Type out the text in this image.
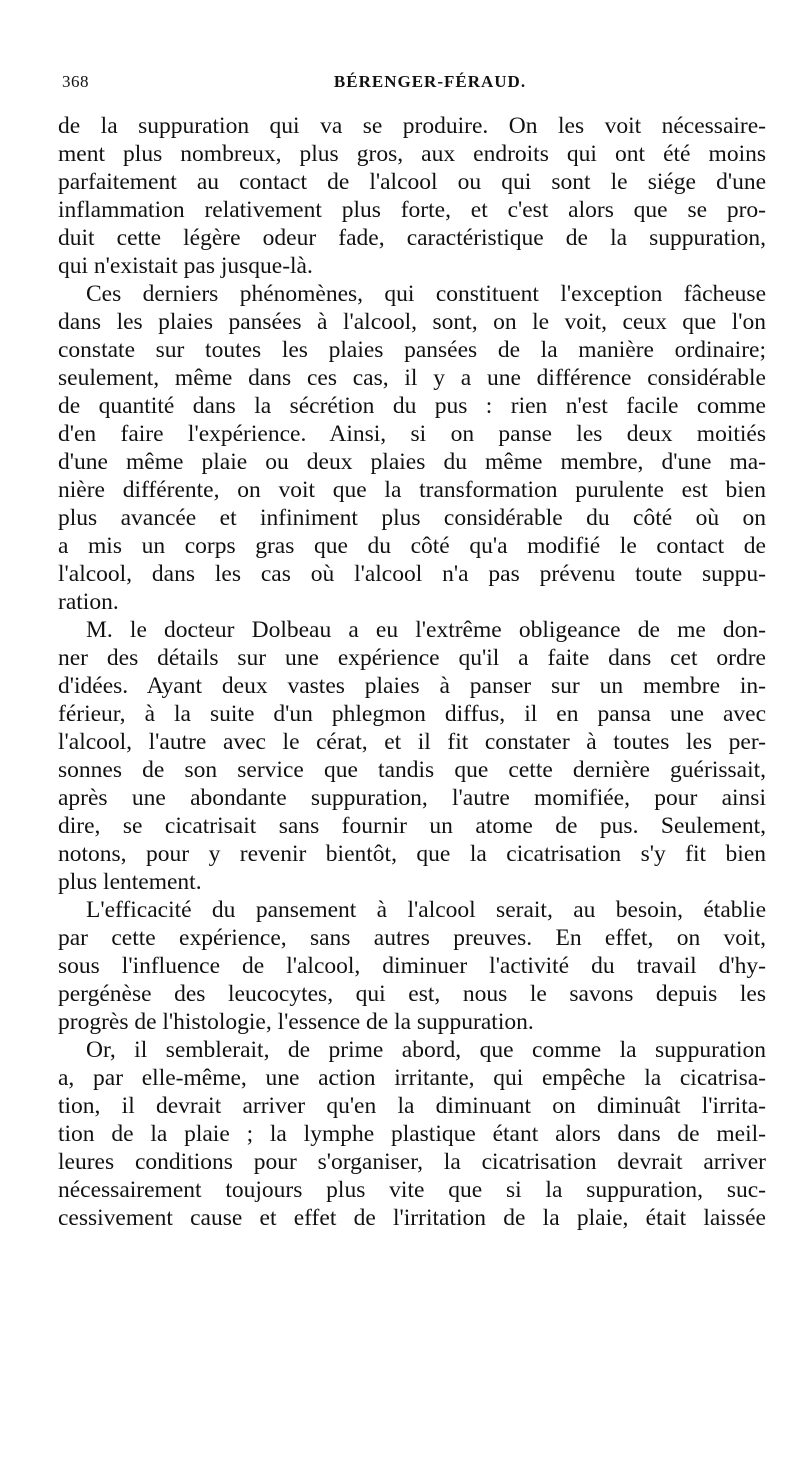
368	BÉRENGER-FÉRAUD.
de la suppuration qui va se produire. On les voit nécessaire-
ment plus nombreux, plus gros, aux endroits qui ont été moins
parfaitement au contact de l'alcool ou qui sont le siége d'une
inflammation relativement plus forte, et c'est alors que se pro-
duit cette légère odeur fade, caractéristique de la suppuration,
qui n'existait pas jusque-là.
Ces derniers phénomènes, qui constituent l'exception fâcheuse
dans les plaies pansées à l'alcool, sont, on le voit, ceux que l'on
constate sur toutes les plaies pansées de la manière ordinaire;
seulement, même dans ces cas, il y a une différence considérable
de quantité dans la sécrétion du pus : rien n'est facile comme
d'en faire l'expérience. Ainsi, si on panse les deux moitiés
d'une même plaie ou deux plaies du même membre, d'une ma-
nière différente, on voit que la transformation purulente est bien
plus avancée et infiniment plus considérable du côté où on
a mis un corps gras que du côté qu'a modifié le contact de
l'alcool, dans les cas où l'alcool n'a pas prévenu toute suppu-
ration.
M. le docteur Dolbeau a eu l'extrême obligeance de me don-
ner des détails sur une expérience qu'il a faite dans cet ordre
d'idées. Ayant deux vastes plaies à panser sur un membre in-
férieur, à la suite d'un phlegmon diffus, il en pansa une avec
l'alcool, l'autre avec le cérat, et il fit constater à toutes les per-
sonnes de son service que tandis que cette dernière guérissait,
après une abondante suppuration, l'autre momifiée, pour ainsi
dire, se cicatrisait sans fournir un atome de pus. Seulement,
notons, pour y revenir bientôt, que la cicatrisation s'y fit bien
plus lentement.
L'efficacité du pansement à l'alcool serait, au besoin, établie
par cette expérience, sans autres preuves. En effet, on voit,
sous l'influence de l'alcool, diminuer l'activité du travail d'hy-
pergénèse des leucocytes, qui est, nous le savons depuis les
progrès de l'histologie, l'essence de la suppuration.
Or, il semblerait, de prime abord, que comme la suppuration
a, par elle-même, une action irritante, qui empêche la cicatrisa-
tion, il devrait arriver qu'en la diminuant on diminuât l'irrita-
tion de la plaie ; la lymphe plastique étant alors dans de meil-
leures conditions pour s'organiser, la cicatrisation devrait arriver
nécessairement toujours plus vite que si la suppuration, suc-
cessivement cause et effet de l'irritation de la plaie, était laissée
